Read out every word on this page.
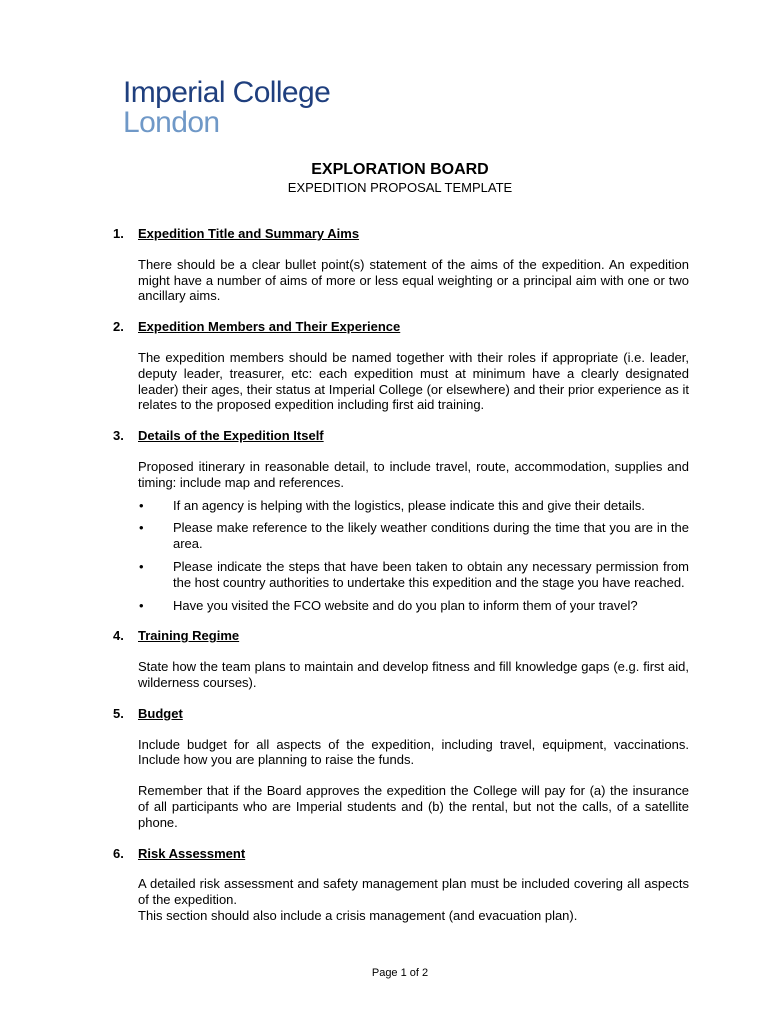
Imperial College
London
EXPLORATION BOARD
EXPEDITION PROPOSAL TEMPLATE
1.	Expedition Title and Summary Aims

There should be a clear bullet point(s) statement of the aims of the expedition. An expedition might have a number of aims of more or less equal weighting or a principal aim with one or two ancillary aims.

2.	Expedition Members and Their Experience

The expedition members should be named together with their roles if appropriate (i.e. leader, deputy leader, treasurer, etc: each expedition must at minimum have a clearly designated leader) their ages, their status at Imperial College (or elsewhere) and their prior experience as it relates to the proposed expedition including first aid training.

3.	Details of the Expedition Itself

Proposed itinerary in reasonable detail, to include travel, route, accommodation, supplies and timing: include map and references.

• If an agency is helping with the logistics, please indicate this and give their details.
• Please make reference to the likely weather conditions during the time that you are in the area.
• Please indicate the steps that have been taken to obtain any necessary permission from the host country authorities to undertake this expedition and the stage you have reached.
• Have you visited the FCO website and do you plan to inform them of your travel?
4.	Training Regime

State how the team plans to maintain and develop fitness and fill knowledge gaps (e.g. first aid, wilderness courses).

5.	Budget

Include budget for all aspects of the expedition, including travel, equipment, vaccinations. Include how you are planning to raise the funds.

Remember that if the Board approves the expedition the College will pay for (a) the insurance of all participants who are Imperial students and (b) the rental, but not the calls, of a satellite phone.

6.	Risk Assessment

A detailed risk assessment and safety management plan must be included covering all aspects of the expedition.

This section should also include a crisis management (and evacuation plan).

Page 1 of 2
